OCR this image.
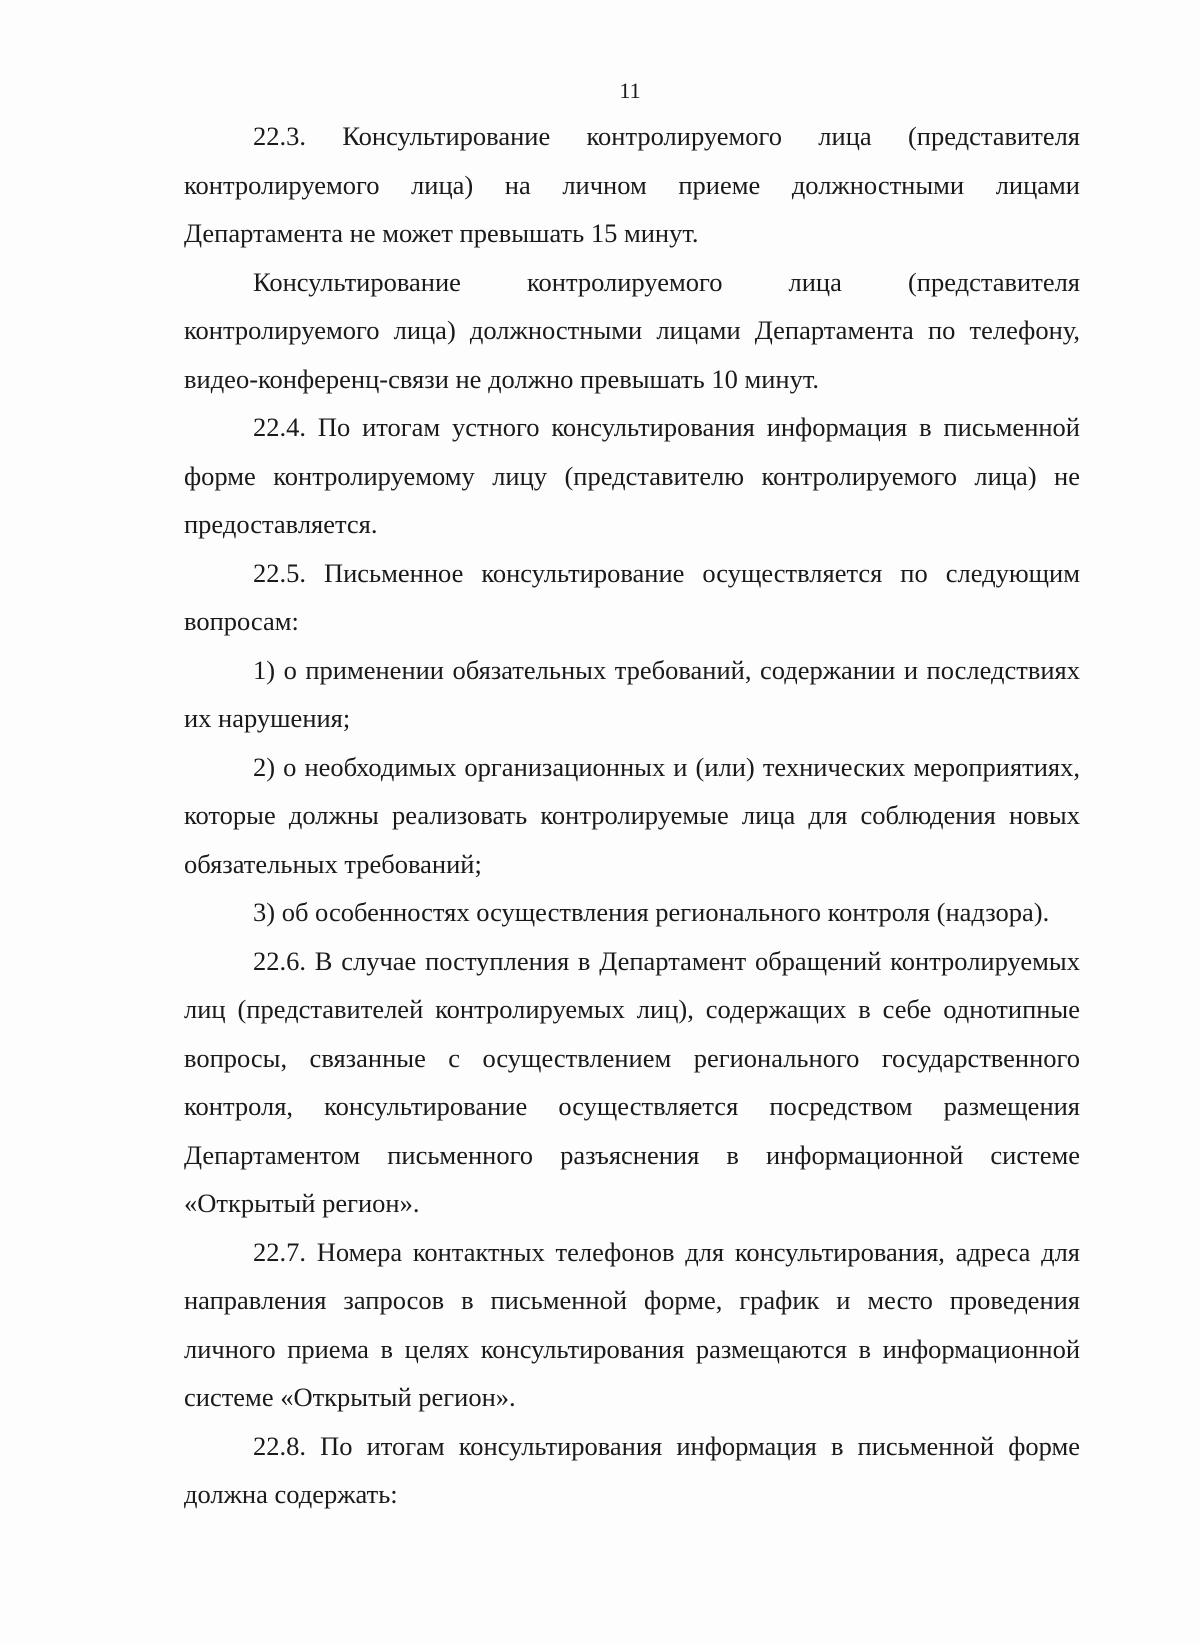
11

22.3. Консультирование контролируемого лица (представителя контролируемого лица) на личном приеме должностными лицами Департамента не может превышать 15 минут.

Консультирование контролируемого лица (представителя контролируемого лица) должностными лицами Департамента по телефону, видео-конференц-связи не должно превышать 10 минут.

22.4. По итогам устного консультирования информация в письменной форме контролируемому лицу (представителю контролируемого лица) не предоставляется.

22.5. Письменное консультирование осуществляется по следующим вопросам:

1) о применении обязательных требований, содержании и последствиях их нарушения;

2) о необходимых организационных и (или) технических мероприятиях, которые должны реализовать контролируемые лица для соблюдения новых обязательных требований;

3) об особенностях осуществления регионального контроля (надзора).

22.6. В случае поступления в Департамент обращений контролируемых лиц (представителей контролируемых лиц), содержащих в себе однотипные вопросы, связанные с осуществлением регионального государственного контроля, консультирование осуществляется посредством размещения Департаментом письменного разъяснения в информационной системе «Открытый регион».

22.7. Номера контактных телефонов для консультирования, адреса для направления запросов в письменной форме, график и место проведения личного приема в целях консультирования размещаются в информационной системе «Открытый регион».

22.8. По итогам консультирования информация в письменной форме должна содержать:
